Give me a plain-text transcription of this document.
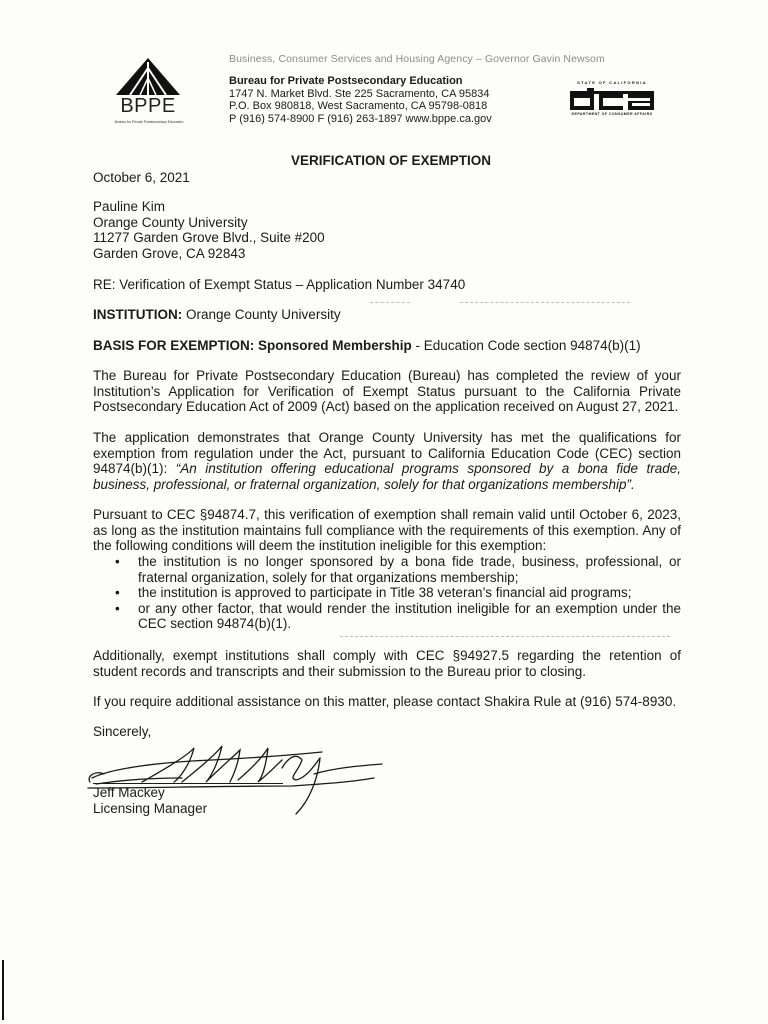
Business, Consumer Services and Housing Agency – Governor Gavin Newsom
BPPE
Bureau for Private Postsecondary Education
Bureau for Private Postsecondary Education
1747 N. Market Blvd. Ste 225 Sacramento, CA 95834
P.O. Box 980818, West Sacramento, CA 95798-0818
P (916) 574-8900 F (916) 263-1897 www.bppe.ca.gov
STATE OF CALIFORNIA
DEPARTMENT OF CONSUMER AFFAIRS
VERIFICATION OF EXEMPTION
October 6, 2021
Pauline Kim
Orange County University
11277 Garden Grove Blvd., Suite #200
Garden Grove, CA 92843
RE: Verification of Exempt Status – Application Number 34740
INSTITUTION: Orange County University
BASIS FOR EXEMPTION: Sponsored Membership - Education Code section 94874(b)(1)
The Bureau for Private Postsecondary Education (Bureau) has completed the review of your Institution’s Application for Verification of Exempt Status pursuant to the California Private Postsecondary Education Act of 2009 (Act) based on the application received on August 27, 2021.
The application demonstrates that Orange County University has met the qualifications for exemption from regulation under the Act, pursuant to California Education Code (CEC) section 94874(b)(1): “An institution offering educational programs sponsored by a bona fide trade, business, professional, or fraternal organization, solely for that organizations membership”.
Pursuant to CEC §94874.7, this verification of exemption shall remain valid until October 6, 2023, as long as the institution maintains full compliance with the requirements of this exemption. Any of the following conditions will deem the institution ineligible for this exemption:
• the institution is no longer sponsored by a bona fide trade, business, professional, or fraternal organization, solely for that organizations membership;
• the institution is approved to participate in Title 38 veteran’s financial aid programs;
• or any other factor, that would render the institution ineligible for an exemption under the CEC section 94874(b)(1).
Additionally, exempt institutions shall comply with CEC §94927.5 regarding the retention of student records and transcripts and their submission to the Bureau prior to closing.
If you require additional assistance on this matter, please contact Shakira Rule at (916) 574-8930.
Sincerely,
Jeff Mackey
Licensing Manager
